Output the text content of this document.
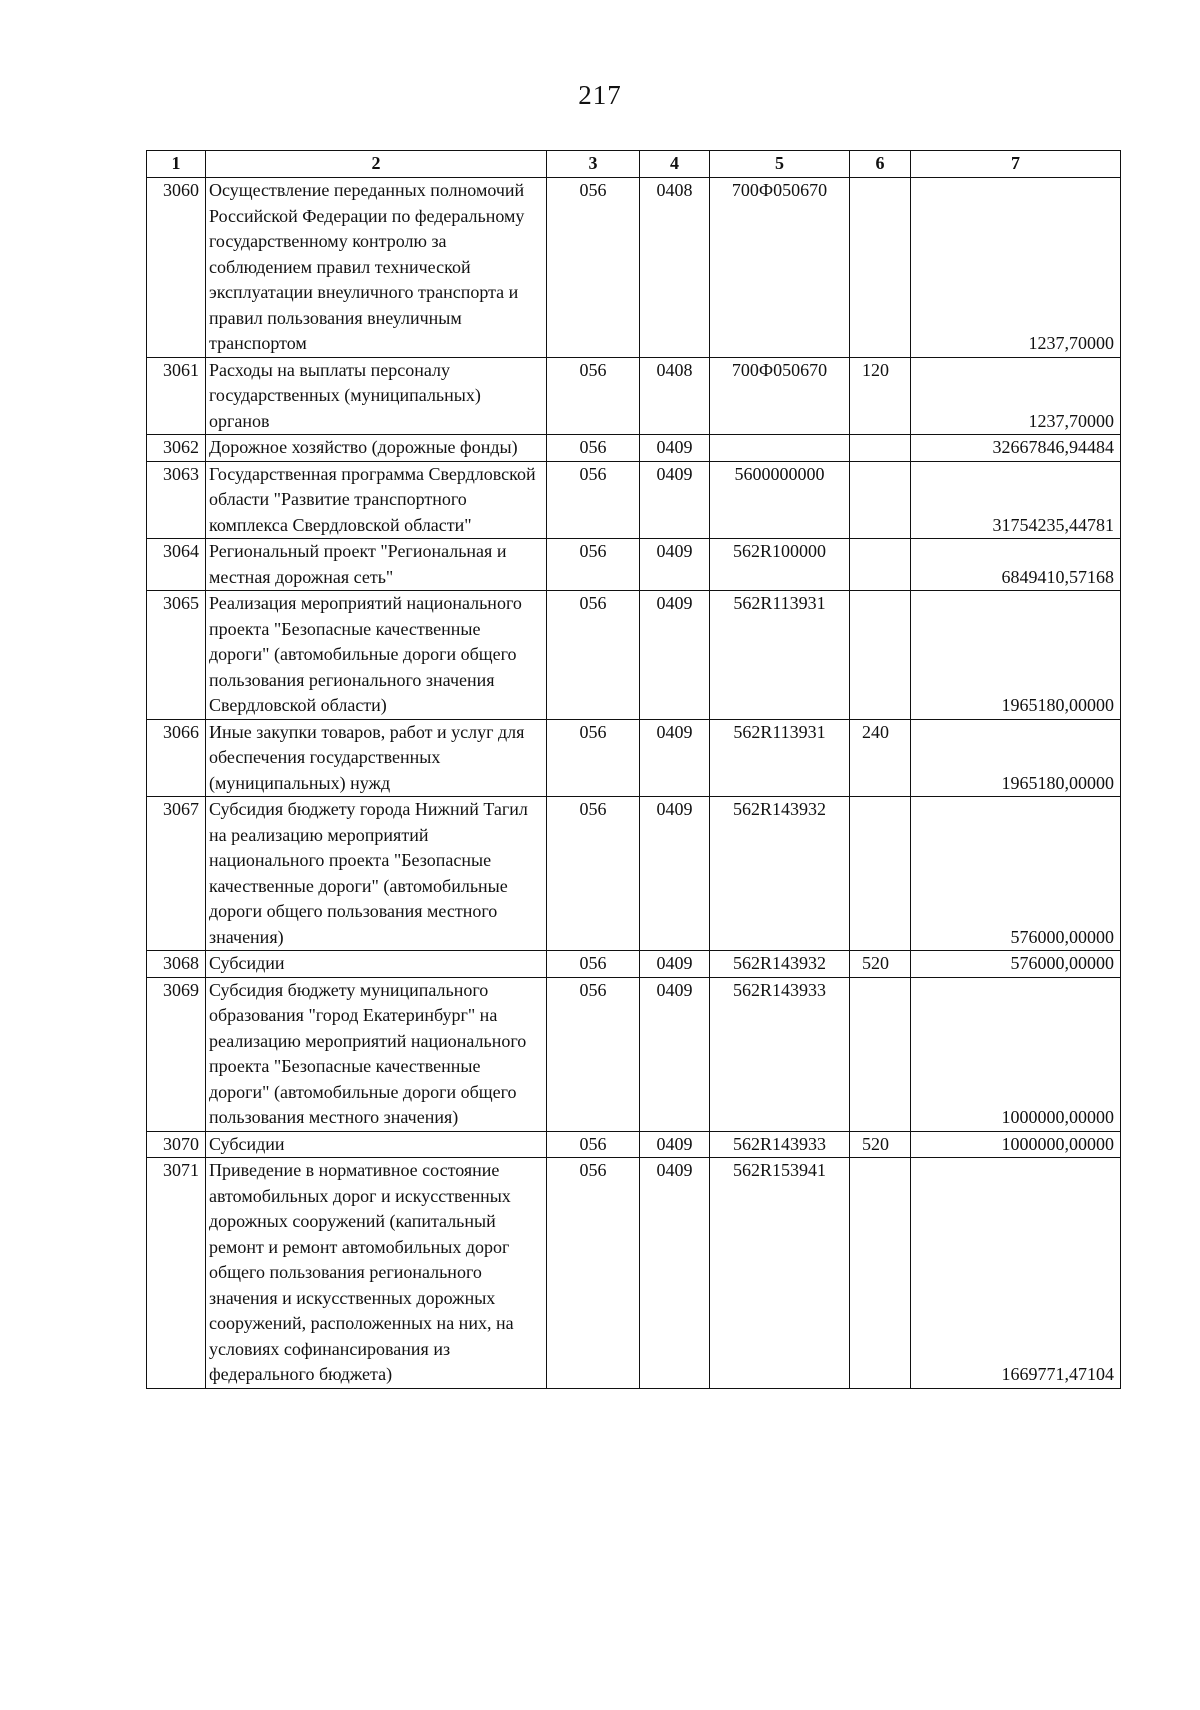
217
1	2	3	4	5	6	7
3060	Осуществление переданных полномочий Российской Федерации по федеральному государственному контролю за соблюдением правил технической эксплуатации внеуличного транспорта и правил пользования внеуличным транспортом	056	0408	700Ф050670		1237,70000
3061	Расходы на выплаты персоналу государственных (муниципальных) органов	056	0408	700Ф050670	120	1237,70000
3062	Дорожное хозяйство (дорожные фонды)	056	0409			32667846,94484
3063	Государственная программа Свердловской области "Развитие транспортного комплекса Свердловской области"	056	0409	5600000000		31754235,44781
3064	Региональный проект "Региональная и местная дорожная сеть"	056	0409	562R100000		6849410,57168
3065	Реализация мероприятий национального проекта "Безопасные качественные дороги" (автомобильные дороги общего пользования регионального значения Свердловской области)	056	0409	562R113931		1965180,00000
3066	Иные закупки товаров, работ и услуг для обеспечения государственных (муниципальных) нужд	056	0409	562R113931	240	1965180,00000
3067	Субсидия бюджету города Нижний Тагил на реализацию мероприятий национального проекта "Безопасные качественные дороги" (автомобильные дороги общего пользования местного значения)	056	0409	562R143932		576000,00000
3068	Субсидии	056	0409	562R143932	520	576000,00000
3069	Субсидия бюджету муниципального образования "город Екатеринбург" на реализацию мероприятий национального проекта "Безопасные качественные дороги" (автомобильные дороги общего пользования местного значения)	056	0409	562R143933		1000000,00000
3070	Субсидии	056	0409	562R143933	520	1000000,00000
3071	Приведение в нормативное состояние автомобильных дорог и искусственных дорожных сооружений (капитальный ремонт и ремонт автомобильных дорог общего пользования регионального значения и искусственных дорожных сооружений, расположенных на них, на условиях софинансирования из федерального бюджета)	056	0409	562R153941		1669771,47104
